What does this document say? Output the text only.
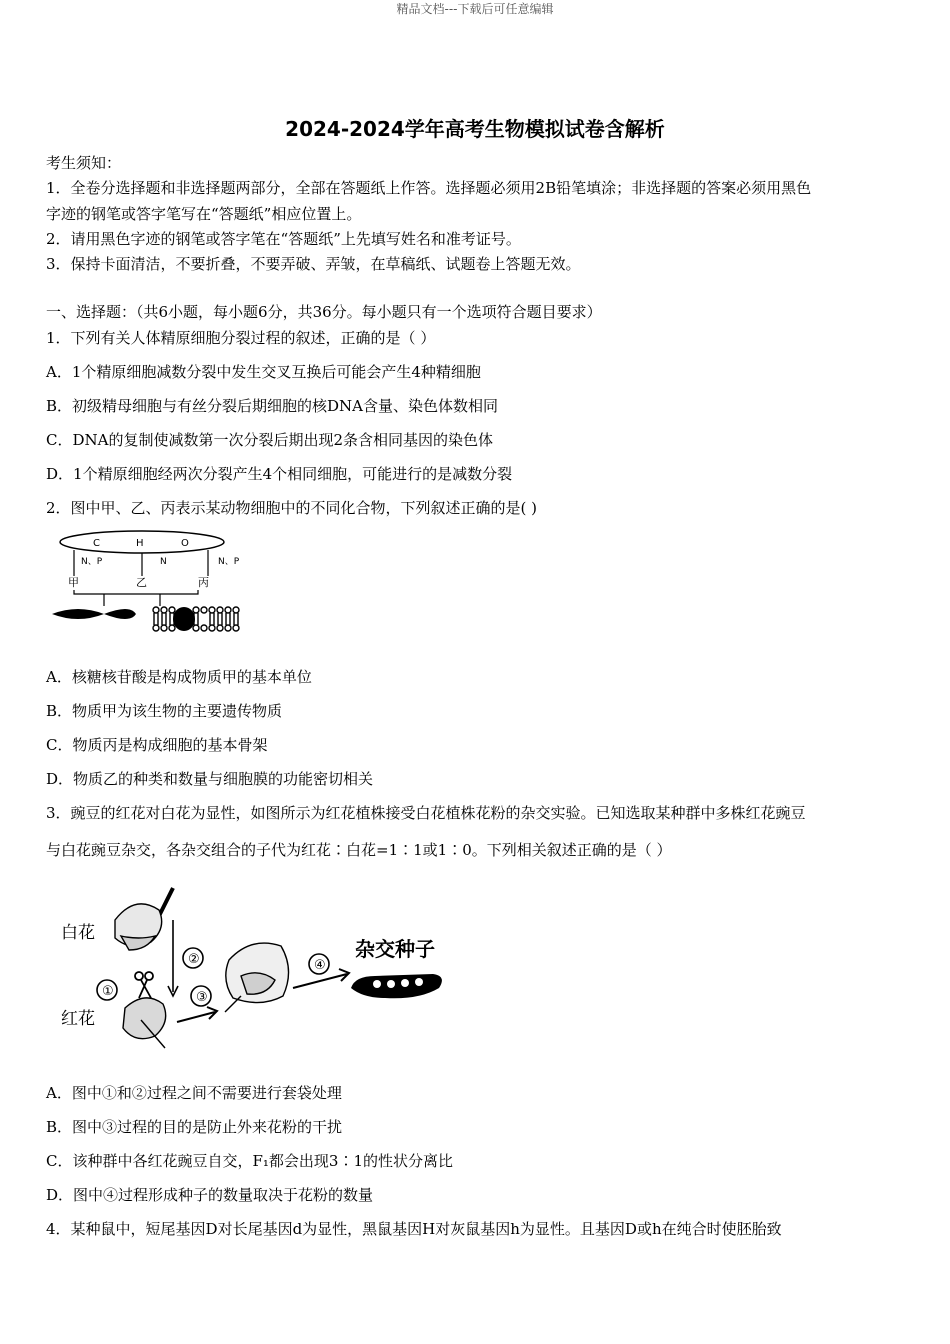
精品文档---下载后可任意编辑
2024-2024学年高考生物模拟试卷含解析
考生须知：
1．全卷分选择题和非选择题两部分，全部在答题纸上作答。选择题必须用2B铅笔填涂；非选择题的答案必须用黑色
字迹的钢笔或答字笔写在“答题纸”相应位置上。
2．请用黑色字迹的钢笔或答字笔在“答题纸”上先填写姓名和准考证号。
3．保持卡面清洁，不要折叠，不要弄破、弄皱，在草稿纸、试题卷上答题无效。
一、选择题：（共6小题，每小题6分，共36分。每小题只有一个选项符合题目要求）
1．下列有关人体精原细胞分裂过程的叙述，正确的是（ ）
A．1个精原细胞减数分裂中发生交叉互换后可能会产生4种精细胞
B．初级精母细胞与有丝分裂后期细胞的核DNA含量、染色体数相同
C．DNA的复制使减数第一次分裂后期出现2条含相同基因的染色体
D．1个精原细胞经两次分裂产生4个相同细胞，可能进行的是减数分裂
2．图中甲、乙、丙表示某动物细胞中的不同化合物，下列叙述正确的是( )
C	H	O
N、P	N	N、P
甲	乙	丙
A．核糖核苷酸是构成物质甲的基本单位
B．物质甲为该生物的主要遗传物质
C．物质丙是构成细胞的基本骨架
D．物质乙的种类和数量与细胞膜的功能密切相关
3．豌豆的红花对白花为显性，如图所示为红花植株接受白花植株花粉的杂交实验。已知选取某种群中多株红花豌豆
与白花豌豆杂交，各杂交组合的子代为红花∶白花=1∶1或1∶0。下列相关叙述正确的是（ ）
白花
红花
②
①	③
④
杂交种子
A．图中①和②过程之间不需要进行套袋处理
B．图中③过程的目的是防止外来花粉的干扰
C．该种群中各红花豌豆自交，F₁都会出现3∶1的性状分离比
D．图中④过程形成种子的数量取决于花粉的数量
4．某种鼠中，短尾基因D对长尾基因d为显性，黑鼠基因H对灰鼠基因h为显性。且基因D或h在纯合时使胚胎致
